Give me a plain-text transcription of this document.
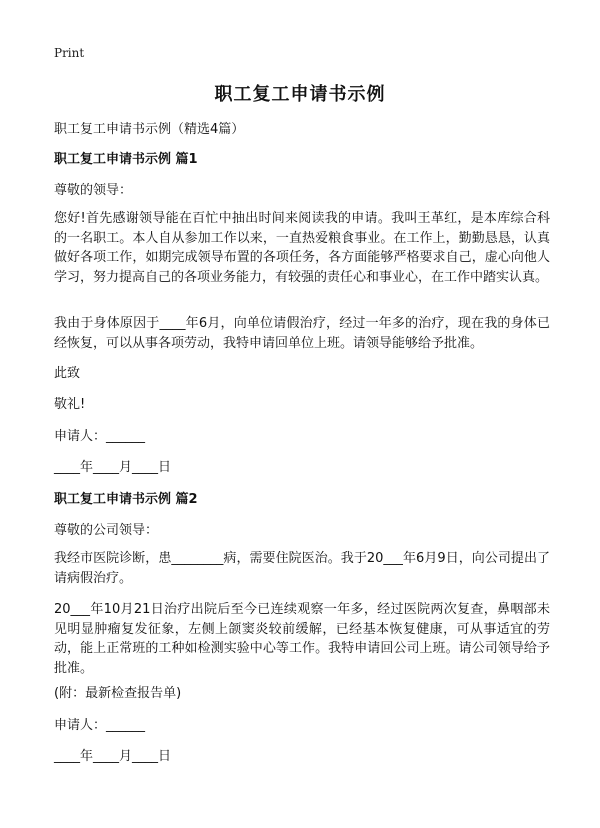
Print
职工复工申请书示例

职工复工申请书示例（精选4篇）

职工复工申请书示例 篇1

尊敬的领导：

您好!首先感谢领导能在百忙中抽出时间来阅读我的申请。我叫王革红，是本库综合科的一名职工。本人自从参加工作以来，一直热爱粮食事业。在工作上，勤勤恳恳，认真做好各项工作，如期完成领导布置的各项任务，各方面能够严格要求自己，虚心向他人学习，努力提高自己的各项业务能力，有较强的责任心和事业心，在工作中踏实认真。

我由于身体原因于____年6月，向单位请假治疗，经过一年多的治疗，现在我的身体已经恢复，可以从事各项劳动，我特申请回单位上班。请领导能够给予批准。

此致

敬礼!

申请人：______

____年____月____日

职工复工申请书示例 篇2

尊敬的公司领导：

我经市医院诊断，患________病，需要住院医治。我于20___年6月9日，向公司提出了请病假治疗。

20___年10月21日治疗出院后至今已连续观察一年多，经过医院两次复查，鼻咽部未见明显肿瘤复发征象，左侧上颌窦炎较前缓解，已经基本恢复健康，可从事适宜的劳动，能上正常班的工种如检测实验中心等工作。我特申请回公司上班。请公司领导给予批准。

(附：最新检查报告单)

申请人：______

____年____月____日
